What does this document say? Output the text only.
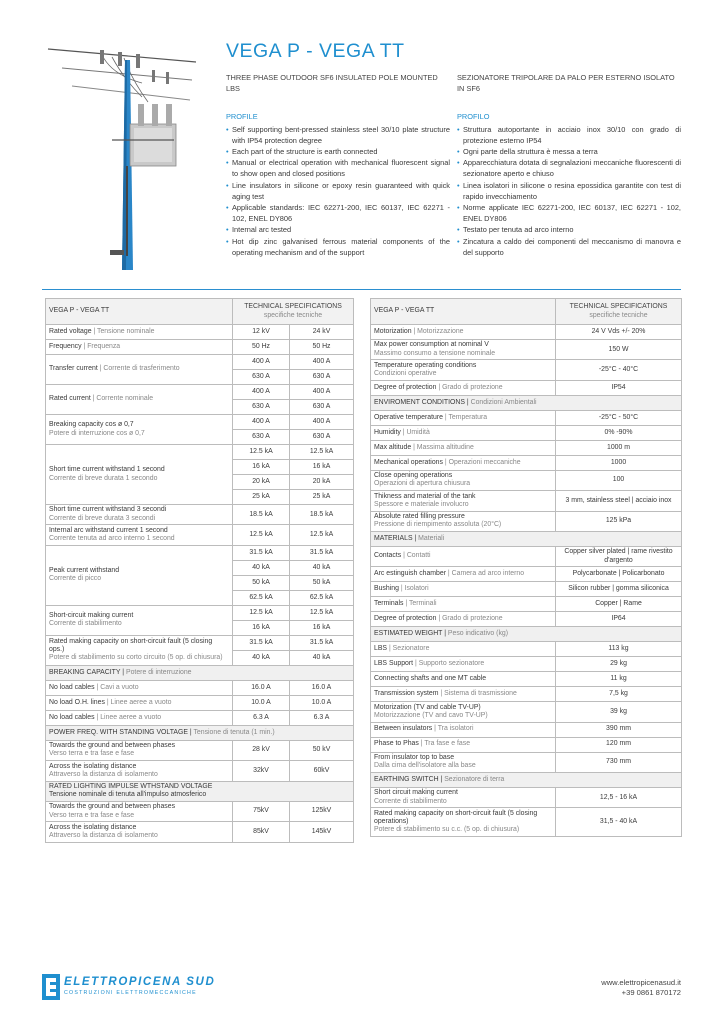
VEGA P - VEGA TT
THREE PHASE OUTDOOR SF6 INSULATED POLE MOUNTED LBS
PROFILE
• Self supporting bent-pressed stainless steel 30/10 plate structure with IP54 protection degree
• Each part of the structure is earth connected
• Manual or electrical operation with mechanical fluorescent signal to show open and closed positions
• Line insulators in silicone or epoxy resin guaranteed with quick aging test
• Applicable standards: IEC 62271-200, IEC 60137, IEC 62271 - 102, ENEL DY806
• Internal arc tested
• Hot dip zinc galvanised ferrous material components of the operating mechanism and of the support
SEZIONATORE TRIPOLARE DA PALO PER ESTERNO ISOLATO IN SF6
PROFILO
• Struttura autoportante in acciaio inox 30/10 con grado di protezione esterno IP54
• Ogni parte della struttura è messa a terra
• Apparecchiatura dotata di segnalazioni meccaniche fluorescenti di sezionatore aperto e chiuso
• Linea isolatori in silicone o resina epossidica garantite con test di rapido invecchiamento
• Norme applicate IEC 62271-200, IEC 60137, IEC 62271 - 102, ENEL DY806
• Testato per tenuta ad arco interno
• Zincatura a caldo dei componenti del meccanismo di manovra e del supporto
VEGA P - VEGA TT	TECHNICAL SPECIFICATIONS
specifiche tecniche	

Rated voltage | Tensione nominale	12 kV	24 kV
Frequency | Frequenza	50 Hz	50 Hz
Transfer current | Corrente di trasferimento	400 A	400 A
	630 A	630 A
Rated current | Corrente nominale	400 A	400 A
	630 A	630 A
Breaking capacity cos ø 0,7
Potere di interruzione cos ø 0,7	400 A	400 A
	630 A	630 A
Short time current withstand 1 second
Corrente di breve durata 1 secondo	12.5 kA	12.5 kA
	16 kA	16 kA
	20 kA	20 kA
	25 kA	25 kA
Short time current withstand 3 secondi
Corrente di breve durata 3 secondi	18.5 kA	18.5 kA
Internal arc withstand current 1 second
Corrente tenuta ad arco interno 1 second	12.5 kA	12.5 kA
Peak current withstand
Corrente di picco	31.5 kA	31.5 kA
	40 kA	40 kA
	50 kA	50 kA
	62.5 kA	62.5 kA
Short-circuit making current
Corrente di stabilimento	12.5 kA	12.5 kA
	16 kA	16 kA
Rated making capacity on short-circuit fault (5 closing ops.)
Potere di stabilimento su corto circuito (5 op. di chiusura)	31.5 kA	31.5 kA
	40 kA	40 kA
BREAKING CAPACITY | Potere di interruzione		
No load cables | Cavi a vuoto	16.0 A	16.0 A
No load O.H. lines | Linee aeree a vuoto	10.0 A	10.0 A
No load cables | Linee aeree a vuoto	6.3 A	6.3 A
POWER FREQ. WITH STANDING VOLTAGE | Tensione di tenuta (1 min.)		
Towards the ground and between phases
Verso terra e tra fase e fase	28 kV	50 kV
Across the isolating distance
Attraverso la distanza di isolamento	32kV	60kV
RATED LIGHTING IMPULSE WTHSTAND VOLTAGE
Tensione nominale di tenuta all'impulso atmosferico		
Towards the ground and between phases
Verso terra e tra fase e fase	75kV	125kV
Across the isolating distance
Attraverso la distanza di isolamento	85kV	145kV
VEGA P - VEGA TT	TECHNICAL SPECIFICATIONS
specifiche tecniche

Motorization | Motorizzazione	24 V Vds +/- 20%
Max power consumption at nominal V
Massimo consumo a tensione nominale	150 W
Temperature operating conditions
Condizioni operative	-25°C - 40°C
Degree of protection | Grado di protezione	IP54
ENVIROMENT CONDITIONS | Condizioni Ambientali	
Operative temperature | Temperatura	-25°C - 50°C
Humidity | Umidità	0% -90%
Max altitude | Massima altitudine	1000 m
Mechanical operations | Operazioni meccaniche	1000
Close opening operations
Operazioni di apertura chiusura	100
Thikness and material of the tank
Spessore e materiale involucro	3 mm, stainless steel | acciaio inox
Absolute rated filling pressure
Pressione di riempimento assoluta (20°C)	125 kPa
MATERIALS | Materiali	
Contacts | Contatti	Copper silver plated | rame rivestito d'argento
Arc estinguish chamber | Camera ad arco interno	Polycarbonate | Policarbonato
Bushing | Isolatori	Silicon rubber | gomma siliconica
Terminals | Terminali	Copper | Rame
Degree of protection | Grado di protezione	IP64
ESTIMATED WEIGHT | Peso indicativo (kg)	
LBS | Sezionatore	113 kg
LBS Support | Supporto sezionatore	29 kg
Connecting shafts and one MT cable	11 kg
Transmission system | Sistema di trasmissione	7,5 kg
Motorization (TV and cable TV-UP)
Motorizzazione (TV and cavo TV-UP)	39 kg
Between insulators | Tra isolatori	390 mm
Phase to Phas | Tra fase e fase	120 mm
From insulator top to base
Dalla cima dell'isolatore alla base	730 mm
EARTHING SWITCH | Sezionatore di terra	
Short circuit making current
Corrente di stabilimento	12,5 - 16 kA
Rated making capacity on short-circuit fault (5 closing operations)
Potere di stabilimento su c.c. (5 op. di chiusura)	31,5 - 40 kA
ELETTROPICENA SUD
COSTRUZIONI ELETTROMECCANICHE
www.elettropicenasud.it
+39 0861 870172
